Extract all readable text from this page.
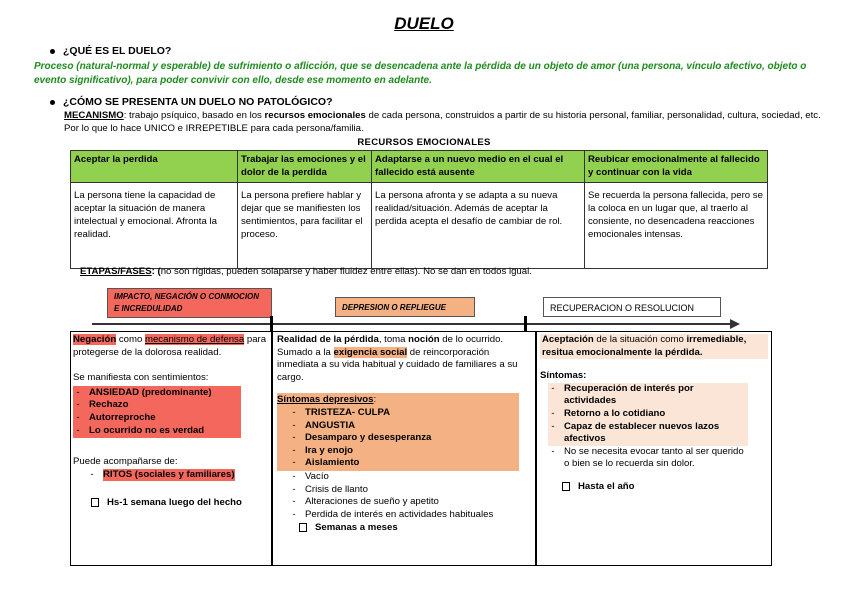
DUELO
¿QUÉ ES EL DUELO?
Proceso (natural-normal y esperable) de sufrimiento o aflicción, que se desencadena ante la pérdida de un objeto de amor (una persona, vínculo afectivo, objeto o evento significativo), para poder convivir con ello, desde ese momento en adelante.
¿CÓMO SE PRESENTA UN DUELO NO PATOLÓGICO?
MECANISMO: trabajo psíquico, basado en los recursos emocionales de cada persona, construidos a partir de su historia personal, familiar, personalidad, cultura, sociedad, etc. Por lo que lo hace UNICO e IRREPETIBLE para cada persona/familia.
RECURSOS EMOCIONALES
Aceptar la perdida	Trabajar las emociones y el dolor de la perdida	Adaptarse a un nuevo medio en el cual el fallecido está ausente	Reubicar emocionalmente al fallecido y continuar con la vida
La persona tiene la capacidad de aceptar la situación de manera intelectual y emocional. Afronta la realidad.	La persona prefiere hablar y dejar que se manifiesten los sentimientos, para facilitar el proceso.	La persona afronta y se adapta a su nueva realidad/situación. Además de aceptar la perdida acepta el desafío de cambiar de rol.	Se recuerda la persona fallecida, pero se la coloca en un lugar que, al traerlo al consiente, no desencadena reacciones emocionales intensas.
ETAPAS/FASES: (no son rígidas, pueden solaparse y haber fluidez entre ellas). No se dan en todos igual.
IMPACTO, NEGACIÓN O CONMOCION E INCREDULIDAD	DEPRESION O REPLIEGUE	RECUPERACION O RESOLUCION
Negación como mecanismo de defensa para protegerse de la dolorosa realidad.
Se manifiesta con sentimientos:
- ANSIEDAD (predominante)
- Rechazo
- Autorreproche
- Lo ocurrido no es verdad
Puede acompañarse de:
- RITOS (sociales y familiares)
Hs-1 semana luego del hecho
Realidad de la pérdida, toma noción de lo ocurrido.
Sumado a la exigencia social de reincorporación inmediata a su vida habitual y cuidado de familiares a su cargo.
Síntomas depresivos:
- TRISTEZA- CULPA
- ANGUSTIA
- Desamparo y desesperanza
- Ira y enojo
- Aislamiento
- Vacío
- Crisis de llanto
- Alteraciones de sueño y apetito
- Perdida de interés en actividades habituales
Semanas a meses
Aceptación de la situación como irremediable, resitua emocionalmente la pérdida.
Síntomas:
- Recuperación de interés por actividades
- Retorno a lo cotidiano
- Capaz de establecer nuevos lazos afectivos
- No se necesita evocar tanto al ser querido o bien se lo recuerda sin dolor.
Hasta el año
